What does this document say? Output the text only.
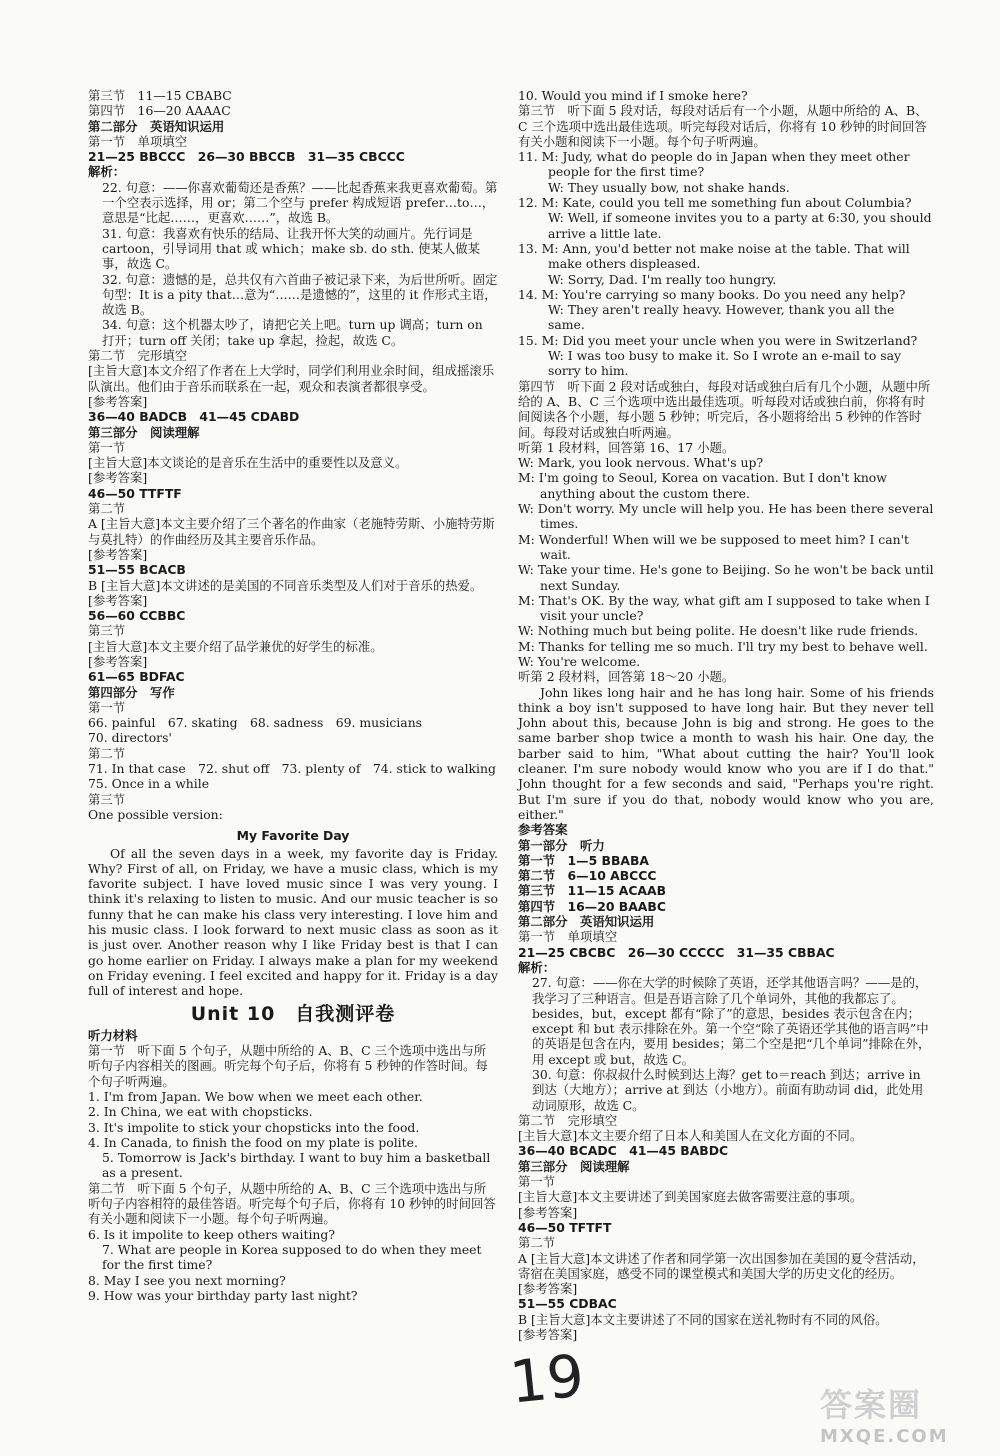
第三节　11—15 CBABC
第四节　16—20 AAAAC
第二部分　英语知识运用
第一节　单项填空
21—25 BBCCC　26—30 BBCCB　31—35 CBCCC
解析：
22. 句意：——你喜欢葡萄还是香蕉？——比起香蕉来我更喜欢葡萄。第一个空表示选择，用 or；第二个空与 prefer 构成短语 prefer…to…，意思是“比起……，更喜欢……”，故选 B。
31. 句意：我喜欢有快乐的结局、让我开怀大笑的动画片。先行词是 cartoon，引导词用 that 或 which；make sb. do sth. 使某人做某事，故选 C。
32. 句意：遗憾的是，总共仅有六首曲子被记录下来，为后世所听。固定句型：It is a pity that…意为“……是遗憾的”，这里的 it 作形式主语，故选 B。
34. 句意：这个机器太吵了，请把它关上吧。turn up 调高；turn on 打开；turn off 关闭；take up 拿起，捡起，故选 C。
第二节　完形填空
[主旨大意]本文介绍了作者在上大学时，同学们利用业余时间，组成摇滚乐队演出。他们由于音乐而联系在一起，观众和表演者都很享受。
[参考答案]
36—40 BADCB　41—45 CDABD
第三部分　阅读理解
第一节
[主旨大意]本文谈论的是音乐在生活中的重要性以及意义。
[参考答案]
46—50 TTFTF
第二节
A [主旨大意]本文主要介绍了三个著名的作曲家（老施特劳斯、小施特劳斯与莫扎特）的作曲经历及其主要音乐作品。
[参考答案]
51—55 BCACB
B [主旨大意]本文讲述的是美国的不同音乐类型及人们对于音乐的热爱。
[参考答案]
56—60 CCBBC
第三节
[主旨大意]本文主要介绍了品学兼优的好学生的标准。
[参考答案]
61—65 BDFAC
第四部分　写作
第一节
66. painful　67. skating　68. sadness　69. musicians
70. directors'
第二节
71. In that case　72. shut off　73. plenty of　74. stick to walking
75. Once in a while
第三节
One possible version:
My Favorite Day
Of all the seven days in a week, my favorite day is Friday. Why? First of all, on Friday, we have a music class, which is my favorite subject. I have loved music since I was very young. I think it's relaxing to listen to music. And our music teacher is so funny that he can make his class very interesting. I love him and his music class. I look forward to next music class as soon as it is just over. Another reason why I like Friday best is that I can go home earlier on Friday. I always make a plan for my weekend on Friday evening. I feel excited and happy for it. Friday is a day full of interest and hope.
Unit 10　自我测评卷
听力材料
第一节　听下面 5 个句子，从题中所给的 A、B、C 三个选项中选出与所听句子内容相关的图画。听完每个句子后，你将有 5 秒钟的作答时间。每个句子听两遍。
1. I'm from Japan. We bow when we meet each other.
2. In China, we eat with chopsticks.
3. It's impolite to stick your chopsticks into the food.
4. In Canada, to finish the food on my plate is polite.
5. Tomorrow is Jack's birthday. I want to buy him a basketball as a present.
第二节　听下面 5 个句子，从题中所给的 A、B、C 三个选项中选出与所听句子内容相符的最佳答语。听完每个句子后，你将有 10 秒钟的时间回答有关小题和阅读下一小题。每个句子听两遍。
6. Is it impolite to keep others waiting?
7. What are people in Korea supposed to do when they meet for the first time?
8. May I see you next morning?
9. How was your birthday party last night?
10. Would you mind if I smoke here?
第三节　听下面 5 段对话，每段对话后有一个小题，从题中所给的 A、B、C 三个选项中选出最佳选项。听完每段对话后，你将有 10 秒钟的时间回答有关小题和阅读下一小题。每个句子听两遍。
11. M: Judy, what do people do in Japan when they meet other people for the first time?
W: They usually bow, not shake hands.
12. M: Kate, could you tell me something fun about Columbia?
W: Well, if someone invites you to a party at 6:30, you should arrive a little late.
13. M: Ann, you'd better not make noise at the table. That will make others displeased.
W: Sorry, Dad. I'm really too hungry.
14. M: You're carrying so many books. Do you need any help?
W: They aren't really heavy. However, thank you all the same.
15. M: Did you meet your uncle when you were in Switzerland?
W: I was too busy to make it. So I wrote an e-mail to say sorry to him.
第四节　听下面 2 段对话或独白，每段对话或独白后有几个小题，从题中所给的 A、B、C 三个选项中选出最佳选项。听每段对话或独白前，你将有时间阅读各个小题，每小题 5 秒钟；听完后，各小题将给出 5 秒钟的作答时间。每段对话或独白听两遍。
听第 1 段材料，回答第 16、17 小题。
W: Mark, you look nervous. What's up?
M: I'm going to Seoul, Korea on vacation. But I don't know anything about the custom there.
W: Don't worry. My uncle will help you. He has been there several times.
M: Wonderful! When will we be supposed to meet him? I can't wait.
W: Take your time. He's gone to Beijing. So he won't be back until next Sunday.
M: That's OK. By the way, what gift am I supposed to take when I visit your uncle?
W: Nothing much but being polite. He doesn't like rude friends.
M: Thanks for telling me so much. I'll try my best to behave well.
W: You're welcome.
听第 2 段材料，回答第 18～20 小题。
John likes long hair and he has long hair. Some of his friends think a boy isn't supposed to have long hair. But they never tell John about this, because John is big and strong. He goes to the same barber shop twice a month to wash his hair. One day, the barber said to him, "What about cutting the hair? You'll look cleaner. I'm sure nobody would know who you are if I do that." John thought for a few seconds and said, "Perhaps you're right. But I'm sure if you do that, nobody would know who you are, either."
参考答案
第一部分　听力
第一节　1—5 BBABA
第二节　6—10 ABCCC
第三节　11—15 ACAAB
第四节　16—20 BAABC
第二部分　英语知识运用
第一节　单项填空
21—25 CBCBC　26—30 CCCCC　31—35 CBBAC
解析：
27. 句意：——你在大学的时候除了英语，还学其他语言吗？——是的，我学习了三种语言。但是吾语言除了几个单词外，其他的我都忘了。besides，but，except 都有“除了”的意思，besides 表示包含在内；except 和 but 表示排除在外。第一个空“除了英语还学其他的语言吗”中的英语是包含在内，要用 besides；第二个空是把“几个单词”排除在外，用 except 或 but，故选 C。
30. 句意：你叔叔什么时候到达上海？get to＝reach 到达；arrive in 到达（大地方）；arrive at 到达（小地方）。前面有助动词 did，此处用动词原形，故选 C。
第二节　完形填空
[主旨大意]本文主要介绍了日本人和美国人在文化方面的不同。
36—40 BCADC　41—45 BABDC
第三部分　阅读理解
第一节
[主旨大意]本文主要讲述了到美国家庭去做客需要注意的事项。
[参考答案]
46—50 TFTFT
第二节
A [主旨大意]本文讲述了作者和同学第一次出国参加在美国的夏令营活动，寄宿在美国家庭，感受不同的课堂模式和美国大学的历史文化的经历。
[参考答案]
51—55 CDBAC
B [主旨大意]本文主要讲述了不同的国家在送礼物时有不同的风俗。
[参考答案]
19	答案圈
MXQE.COM
